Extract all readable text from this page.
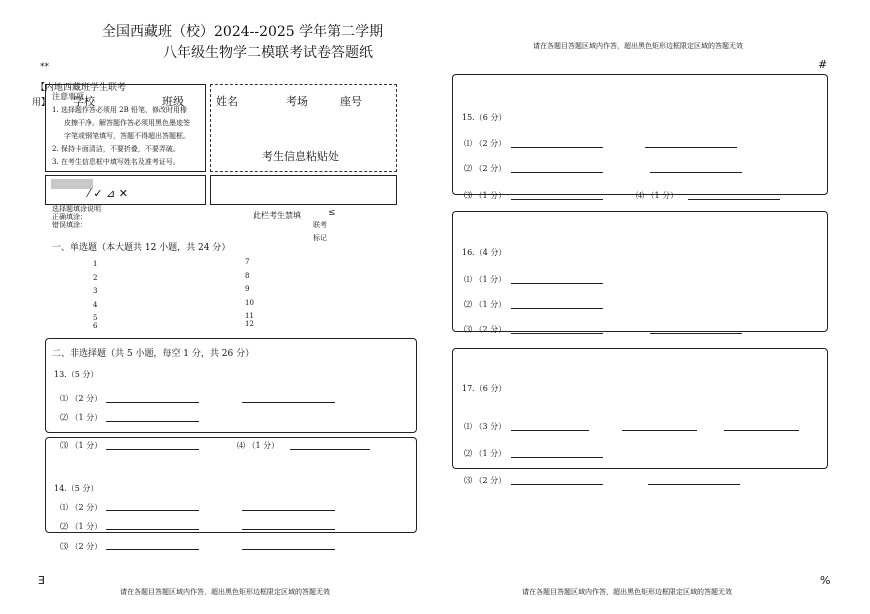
**	#
Ǝ	%
全国西藏班（校）2024--2025 学年第二学期
八年级生物学二模联考试卷答题纸	请在各题目答题区域内作答，超出黑色矩形边框限定区域的答题无效
【内地西藏班学生联考
用】 学校	班级
注意事项
1. 选择题作答必须用 2B 铅笔，修改时用橡
皮擦干净。解答题作答必须用黑色墨迹签
字笔或钢笔填写，答题不得超出答题框。
2. 保持卡面清洁，不要折叠，不要弄破。
3. 在考生信息框中填写姓名及准考证号。
姓名	考场	座号
考生信息粘贴处
⁄ ✓ ⊿ ✕
选择题填涂说明
正确填涂：
错误填涂：
此栏考生禁填	≤
联考
标记
一、单选题（本大题共 12 小题，共 24 分）
1
2
3
4
5
6
7
8
9
10
11
12
二、非选择题（共 5 小题，每空 1 分，共 26 分）
13.（5 分）
⑴ （2 分）
⑵ （1 分）
⑶ （1 分）	⑷ （1 分）
14.（5 分）
⑴ （2 分）
⑵ （1 分）
⑶ （2 分）
请在各题目答题区域内作答，超出黑色矩形边框限定区域的答题无效
15.（6 分）
⑴ （2 分）
⑵ （2 分）
⑶ （1 分）	⑷ （1 分）
16.（4 分）
⑴ （1 分）
⑵ （1 分）
⑶ （2 分）
17.（6 分）
⑴ （3 分）
⑵ （1 分）
⑶ （2 分）
请在各题目答题区域内作答，超出黑色矩形边框限定区域的答题无效
